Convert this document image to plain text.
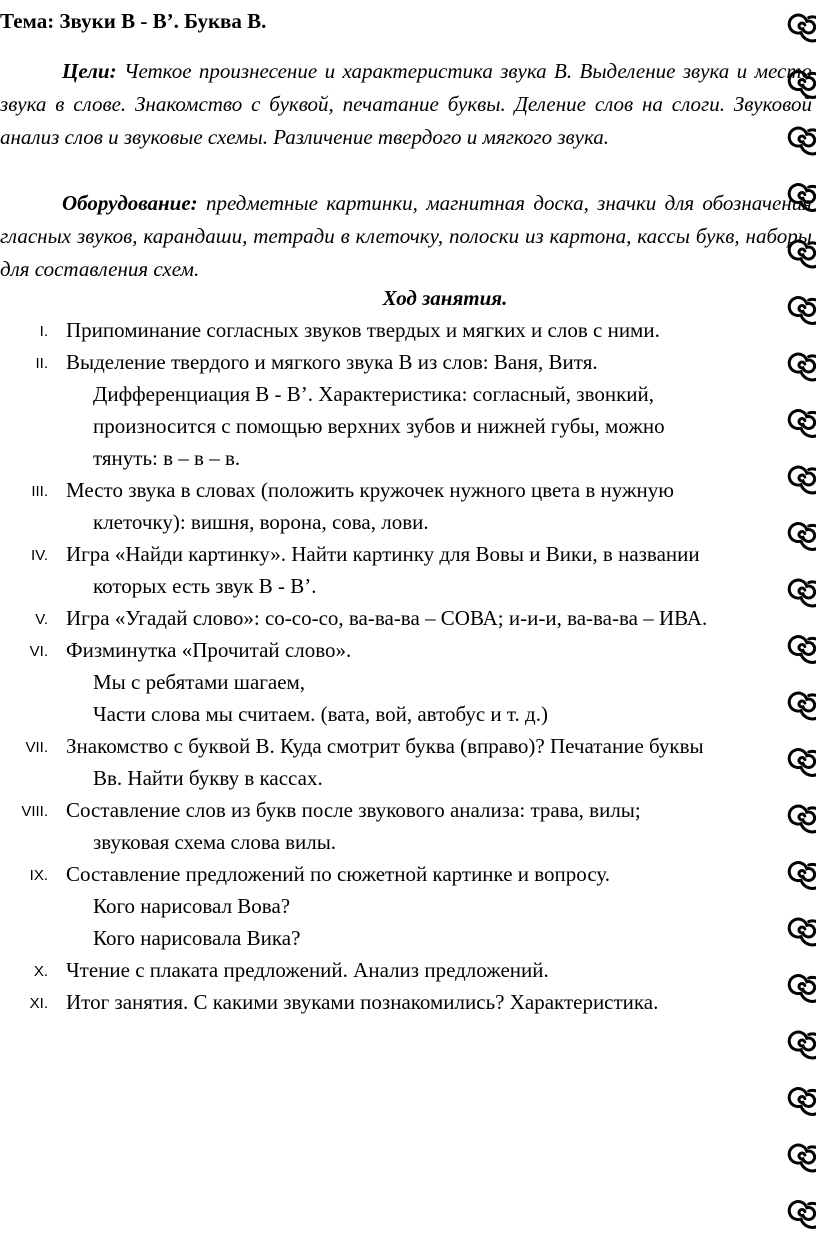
Тема: Звуки В - В’. Буква В.

Цели: Четкое произнесение и характеристика звука В. Выделение звука и место звука в слове. Знакомство с буквой, печатание буквы. Деление слов на слоги. Звуковой анализ слов и звуковые схемы. Различение твердого и мягкого звука.

Оборудование: предметные картинки, магнитная доска, значки для обозначения гласных звуков, карандаши, тетради в клеточку, полоски из картона, кассы букв, наборы для составления схем.

Ход занятия.
I. Припоминание согласных звуков твердых и мягких и слов с ними.
II. Выделение твердого и мягкого звука В из слов: Ваня, Витя.
Дифференциация В - В’. Характеристика: согласный, звонкий,
произносится с помощью верхних зубов и нижней губы, можно
тянуть: в – в – в.
III. Место звука в словах (положить кружочек нужного цвета в нужную
клеточку): вишня, ворона, сова, лови.
IV. Игра «Найди картинку». Найти картинку для Вовы и Вики, в названии
которых есть звук В - В’.
V. Игра «Угадай слово»: со-со-со, ва-ва-ва – СОВА; и-и-и, ва-ва-ва – ИВА.
VI. Физминутка «Прочитай слово».
Мы с ребятами шагаем,
Части слова мы считаем. (вата, вой, автобус и т. д.)
VII. Знакомство с буквой В. Куда смотрит буква (вправо)? Печатание буквы
Вв. Найти букву в кассах.
VIII. Составление слов из букв после звукового анализа: трава, вилы;
звуковая схема слова вилы.
IX. Составление предложений по сюжетной картинке и вопросу.
Кого нарисовал Вова?
Кого нарисовала Вика?
X. Чтение с плаката предложений. Анализ предложений.
XI. Итог занятия. С какими звуками познакомились? Характеристика.
